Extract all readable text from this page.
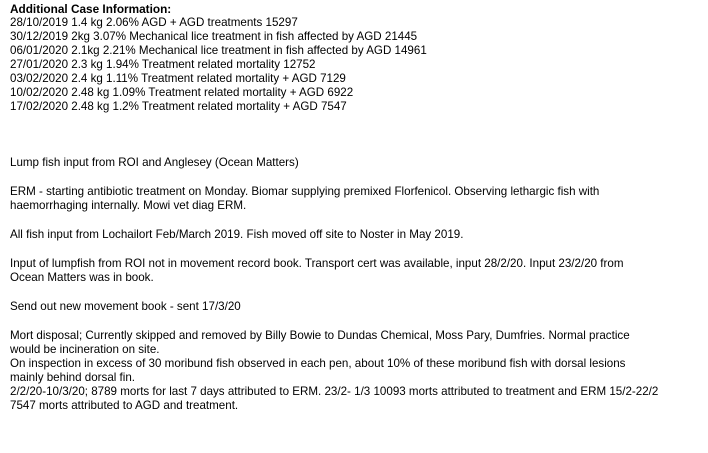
Additional Case Information:

28/10/2019 1.4 kg 2.06% AGD + AGD treatments 15297

30/12/2019 2kg 3.07% Mechanical lice treatment in fish affected by AGD 21445

06/01/2020 2.1kg 2.21% Mechanical lice treatment in fish affected by AGD 14961

27/01/2020 2.3 kg 1.94% Treatment related mortality 12752

03/02/2020 2.4 kg 1.11% Treatment related mortality + AGD 7129

10/02/2020 2.48 kg 1.09% Treatment related mortality + AGD 6922

17/02/2020 2.48 kg 1.2% Treatment related mortality + AGD 7547

Lump fish input from ROI and Anglesey (Ocean Matters)

ERM - starting antibiotic treatment on Monday. Biomar supplying premixed Florfenicol. Observing lethargic fish with

haemorrhaging internally. Mowi vet diag ERM.

All fish input from Lochailort Feb/March 2019. Fish moved off site to Noster in May 2019.

Input of lumpfish from ROI not in movement record book. Transport cert was available, input 28/2/20. Input 23/2/20 from

Ocean Matters was in book.

Send out new movement book - sent 17/3/20

Mort disposal; Currently skipped and removed by Billy Bowie to Dundas Chemical, Moss Pary, Dumfries. Normal practice

would be incineration on site.

On inspection in excess of 30 moribund fish observed in each pen, about 10% of these moribund fish with dorsal lesions

mainly behind dorsal fin.

2/2/20-10/3/20; 8789 morts for last 7 days attributed to ERM. 23/2- 1/3 10093 morts attributed to treatment and ERM 15/2-22/2

7547 morts attributed to AGD and treatment.
